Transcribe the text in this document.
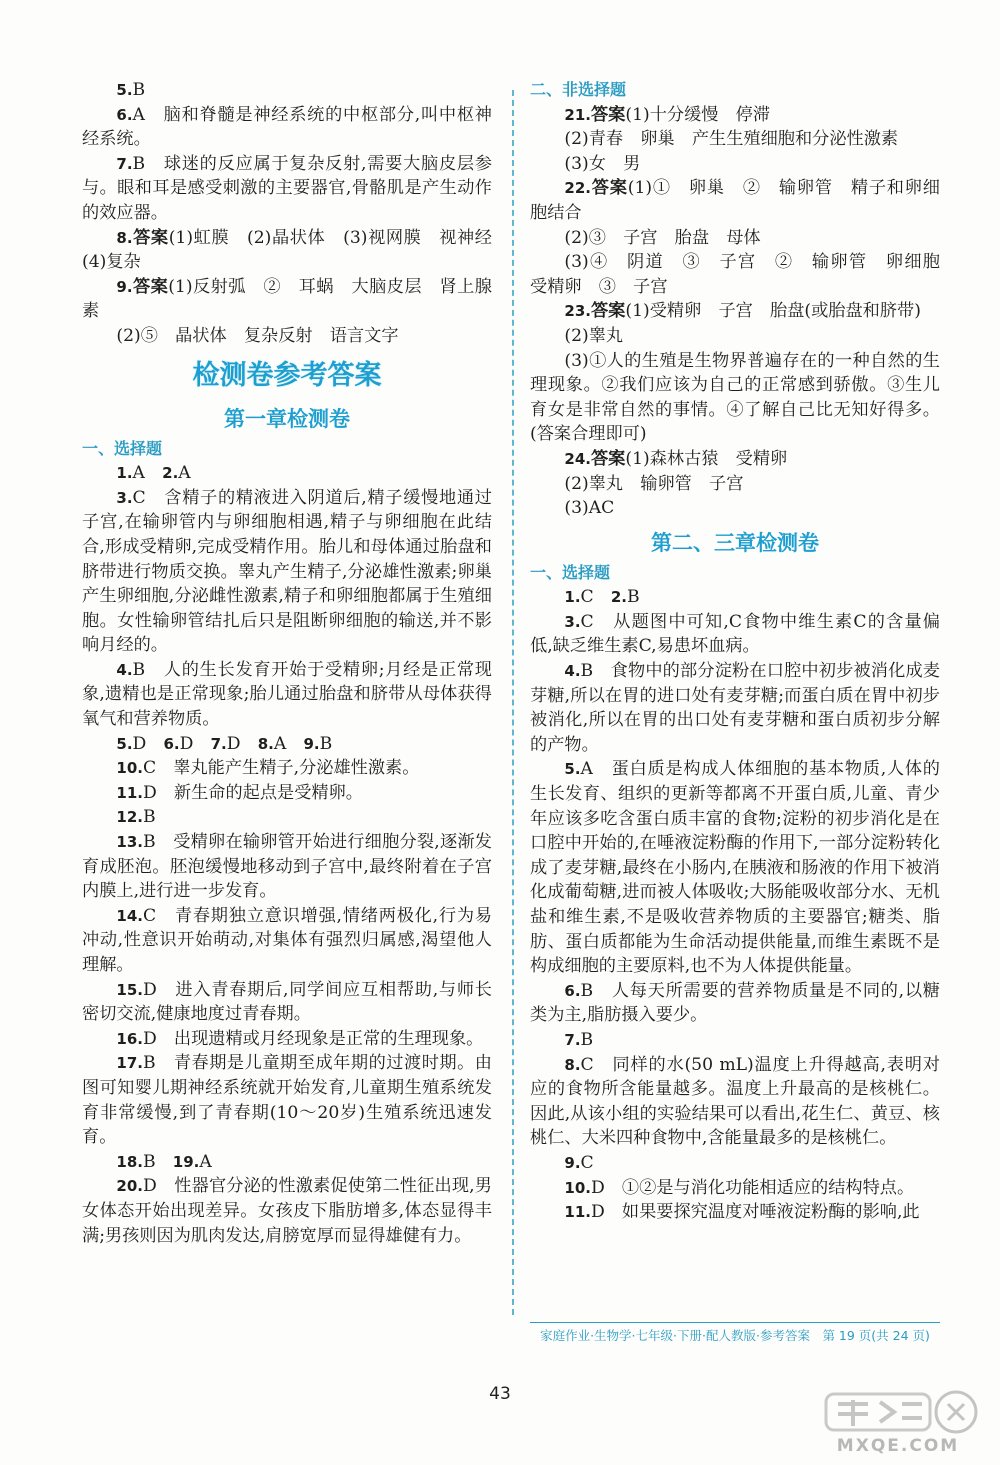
5.B

6.A　脑和脊髓是神经系统的中枢部分,叫中枢神经系统。

7.B　球迷的反应属于复杂反射,需要大脑皮层参与。眼和耳是感受刺激的主要器官,骨骼肌是产生动作的效应器。

8.答案(1)虹膜　(2)晶状体　(3)视网膜　视神经　(4)复杂

9.答案(1)反射弧　②　耳蜗　大脑皮层　肾上腺素

(2)⑤　晶状体　复杂反射　语言文字

检测卷参考答案

第一章检测卷

一、选择题

1.A　2.A

3.C　含精子的精液进入阴道后,精子缓慢地通过子宫,在输卵管内与卵细胞相遇,精子与卵细胞在此结合,形成受精卵,完成受精作用。胎儿和母体通过胎盘和脐带进行物质交换。睾丸产生精子,分泌雄性激素;卵巢产生卵细胞,分泌雌性激素,精子和卵细胞都属于生殖细胞。女性输卵管结扎后只是阻断卵细胞的输送,并不影响月经的。

4.B　人的生长发育开始于受精卵;月经是正常现象,遗精也是正常现象;胎儿通过胎盘和脐带从母体获得氧气和营养物质。

5.D　6.D　7.D　8.A　9.B

10.C　睾丸能产生精子,分泌雄性激素。

11.D　新生命的起点是受精卵。

12.B

13.B　受精卵在输卵管开始进行细胞分裂,逐渐发育成胚泡。胚泡缓慢地移动到子宫中,最终附着在子宫内膜上,进行进一步发育。

14.C　青春期独立意识增强,情绪两极化,行为易冲动,性意识开始萌动,对集体有强烈归属感,渴望他人理解。

15.D　进入青春期后,同学间应互相帮助,与师长密切交流,健康地度过青春期。

16.D　出现遗精或月经现象是正常的生理现象。

17.B　青春期是儿童期至成年期的过渡时期。由图可知婴儿期神经系统就开始发育,儿童期生殖系统发育非常缓慢,到了青春期(10～20岁)生殖系统迅速发育。

18.B　19.A

20.D　性器官分泌的性激素促使第二性征出现,男女体态开始出现差异。女孩皮下脂肪增多,体态显得丰满;男孩则因为肌肉发达,肩膀宽厚而显得雄健有力。

二、非选择题

21.答案(1)十分缓慢　停滞

(2)青春　卵巢　产生生殖细胞和分泌性激素

(3)女　男

22.答案(1)①　卵巢　②　输卵管　精子和卵细胞结合

(2)③　子宫　胎盘　母体

(3)④　阴道　③　子宫　②　输卵管　卵细胞　受精卵　③　子宫

23.答案(1)受精卵　子宫　胎盘(或胎盘和脐带)

(2)睾丸

(3)①人的生殖是生物界普遍存在的一种自然的生理现象。②我们应该为自己的正常感到骄傲。③生儿育女是非常自然的事情。④了解自己比无知好得多。(答案合理即可)

24.答案(1)森林古猿　受精卵

(2)睾丸　输卵管　子宫

(3)AC

第二、三章检测卷

一、选择题

1.C　2.B

3.C　从题图中可知,C食物中维生素C的含量偏低,缺乏维生素C,易患坏血病。

4.B　食物中的部分淀粉在口腔中初步被消化成麦芽糖,所以在胃的进口处有麦芽糖;而蛋白质在胃中初步被消化,所以在胃的出口处有麦芽糖和蛋白质初步分解的产物。

5.A　蛋白质是构成人体细胞的基本物质,人体的生长发育、组织的更新等都离不开蛋白质,儿童、青少年应该多吃含蛋白质丰富的食物;淀粉的初步消化是在口腔中开始的,在唾液淀粉酶的作用下,一部分淀粉转化成了麦芽糖,最终在小肠内,在胰液和肠液的作用下被消化成葡萄糖,进而被人体吸收;大肠能吸收部分水、无机盐和维生素,不是吸收营养物质的主要器官;糖类、脂肪、蛋白质都能为生命活动提供能量,而维生素既不是构成细胞的主要原料,也不为人体提供能量。

6.B　人每天所需要的营养物质量是不同的,以糖类为主,脂肪摄入要少。

7.B

8.C　同样的水(50 mL)温度上升得越高,表明对应的食物所含能量越多。温度上升最高的是核桃仁。因此,从该小组的实验结果可以看出,花生仁、黄豆、核桃仁、大米四种食物中,含能量最多的是核桃仁。

9.C

10.D　①②是与消化功能相适应的结构特点。

11.D　如果要探究温度对唾液淀粉酶的影响,此

家庭作业·生物学·七年级·下册·配人教版·参考答案　第 19 页(共 24 页)
43
MXQE.COM
